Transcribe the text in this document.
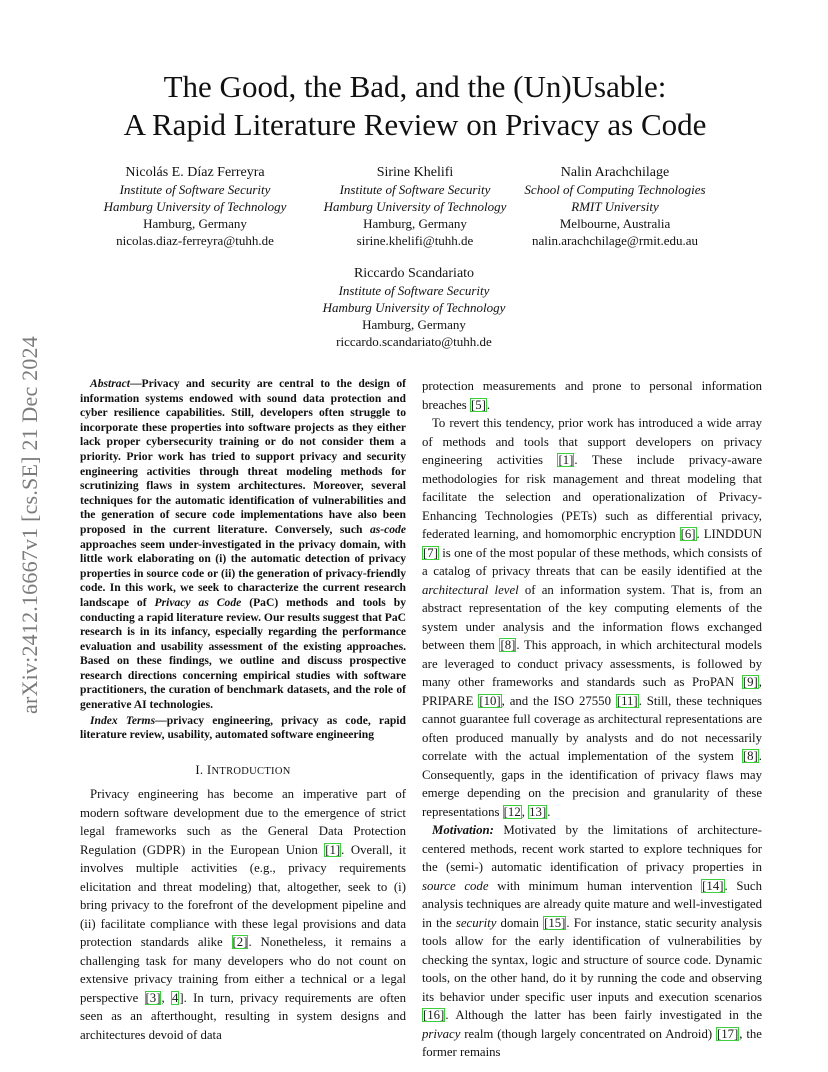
arXiv:2412.16667v1 [cs.SE] 21 Dec 2024
The Good, the Bad, and the (Un)Usable:
A Rapid Literature Review on Privacy as Code
Nicolás E. Díaz Ferreyra
Institute of Software Security
Hamburg University of Technology
Hamburg, Germany
nicolas.diaz-ferreyra@tuhh.de
Sirine Khelifi
Institute of Software Security
Hamburg University of Technology
Hamburg, Germany
sirine.khelifi@tuhh.de
Nalin Arachchilage
School of Computing Technologies
RMIT University
Melbourne, Australia
nalin.arachchilage@rmit.edu.au
Riccardo Scandariato
Institute of Software Security
Hamburg University of Technology
Hamburg, Germany
riccardo.scandariato@tuhh.de

Abstract—Privacy and security are central to the design of information systems endowed with sound data protection and cyber resilience capabilities. Still, developers often struggle to incorporate these properties into software projects as they either lack proper cybersecurity training or do not consider them a priority. Prior work has tried to support privacy and security engineering activities through threat modeling methods for scrutinizing flaws in system architectures. Moreover, several techniques for the automatic identification of vulnerabilities and the generation of secure code implementations have also been proposed in the current literature. Conversely, such as-code approaches seem under-investigated in the privacy domain, with little work elaborating on (i) the automatic detection of privacy properties in source code or (ii) the generation of privacy-friendly code. In this work, we seek to characterize the current research landscape of Privacy as Code (PaC) methods and tools by conducting a rapid literature review. Our results suggest that PaC research is in its infancy, especially regarding the performance evaluation and usability assessment of the existing approaches. Based on these findings, we outline and discuss prospective research directions concerning empirical studies with software practitioners, the curation of benchmark datasets, and the role of generative AI technologies.

Index Terms—privacy engineering, privacy as code, rapid literature review, usability, automated software engineering

I. INTRODUCTION

Privacy engineering has become an imperative part of modern software development due to the emergence of strict legal frameworks such as the General Data Protection Regulation (GDPR) in the European Union [1]. Overall, it involves multiple activities (e.g., privacy requirements elicitation and threat modeling) that, altogether, seek to (i) bring privacy to the forefront of the development pipeline and (ii) facilitate compliance with these legal provisions and data protection standards alike [2]. Nonetheless, it remains a challenging task for many developers who do not count on extensive privacy training from either a technical or a legal perspective [3], 4]. In turn, privacy requirements are often seen as an afterthought, resulting in system designs and architectures devoid of data

protection measurements and prone to personal information breaches [5].

To revert this tendency, prior work has introduced a wide array of methods and tools that support developers on privacy engineering activities [1]. These include privacy-aware methodologies for risk management and threat modeling that facilitate the selection and operationalization of Privacy-Enhancing Technologies (PETs) such as differential privacy, federated learning, and homomorphic encryption [6]. LINDDUN [7] is one of the most popular of these methods, which consists of a catalog of privacy threats that can be easily identified at the architectural level of an information system. That is, from an abstract representation of the key computing elements of the system under analysis and the information flows exchanged between them [8]. This approach, in which architectural models are leveraged to conduct privacy assessments, is followed by many other frameworks and standards such as ProPAN [9], PRIPARE [10], and the ISO 27550 [11]. Still, these techniques cannot guarantee full coverage as architectural representations are often produced manually by analysts and do not necessarily correlate with the actual implementation of the system [8]. Consequently, gaps in the identification of privacy flaws may emerge depending on the precision and granularity of these representations [12, 13].

Motivation: Motivated by the limitations of architecture-centered methods, recent work started to explore techniques for the (semi-) automatic identification of privacy properties in source code with minimum human intervention [14]. Such analysis techniques are already quite mature and well-investigated in the security domain [15]. For instance, static security analysis tools allow for the early identification of vulnerabilities by checking the syntax, logic and structure of source code. Dynamic tools, on the other hand, do it by running the code and observing its behavior under specific user inputs and execution scenarios [16]. Although the latter has been fairly investigated in the privacy realm (though largely concentrated on Android) [17], the former remains
